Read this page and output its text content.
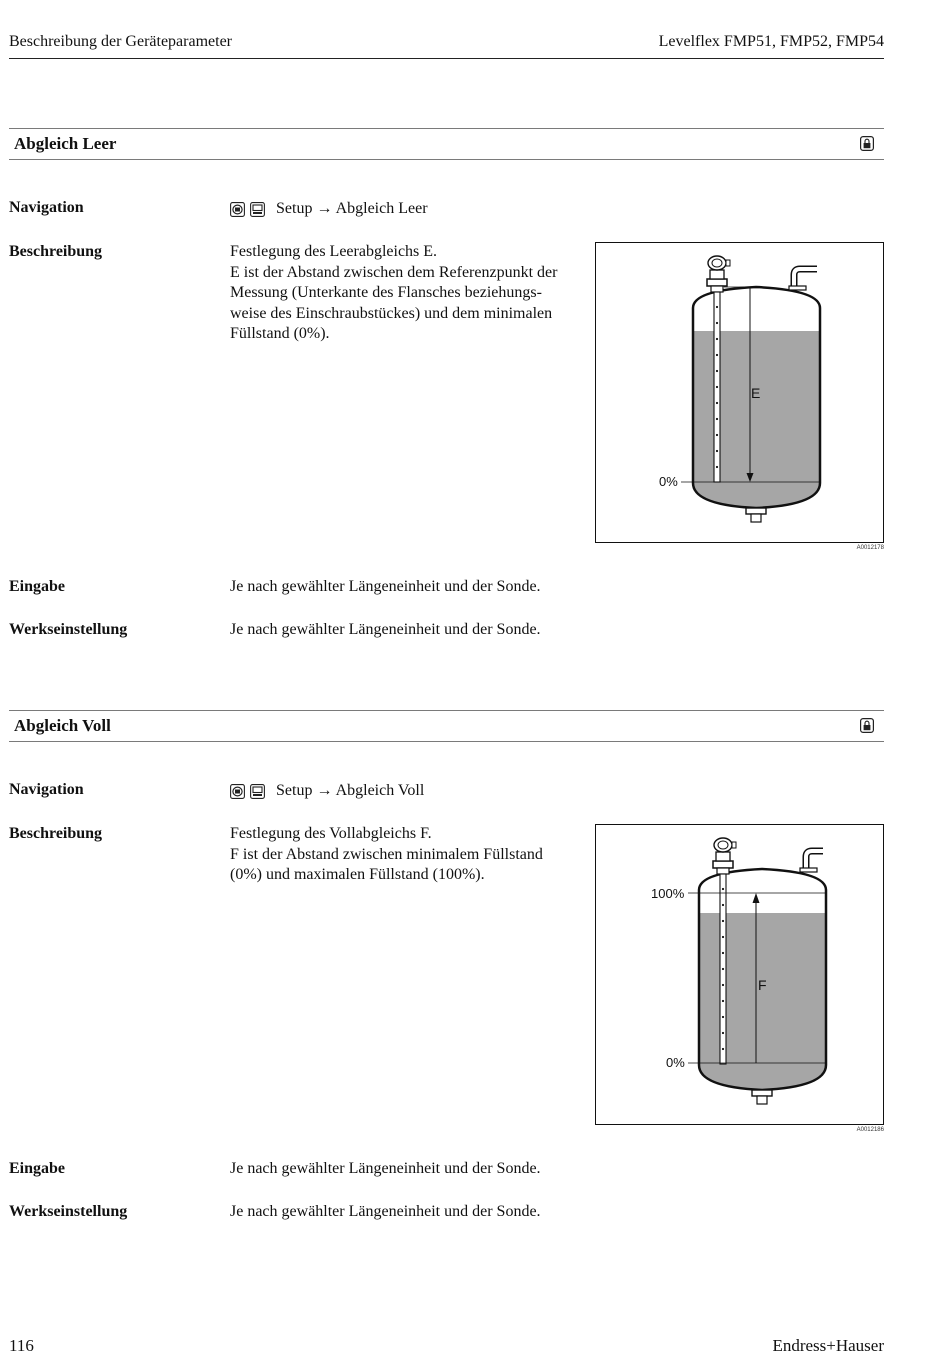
Beschreibung der Geräteparameter	Levelflex FMP51, FMP52, FMP54
Abgleich Leer
Navigation	Setup → Abgleich Leer
Beschreibung	Festlegung des Leerabgleichs E.
E ist der Abstand zwischen dem Referenzpunkt der
Messung (Unterkante des Flansches beziehungs-
weise des Einschraubstückes) und dem minimalen
Füllstand (0%).
0%
E
A0012178
Eingabe	Je nach gewählter Längeneinheit und der Sonde.
Werkseinstellung	Je nach gewählter Längeneinheit und der Sonde.
Abgleich Voll
Navigation	Setup → Abgleich Voll
Beschreibung	Festlegung des Vollabgleichs F.
F ist der Abstand zwischen minimalem Füllstand
(0%) und maximalen Füllstand (100%).
100%
0%
F
A0012186
Eingabe	Je nach gewählter Längeneinheit und der Sonde.
Werkseinstellung	Je nach gewählter Längeneinheit und der Sonde.
116	Endress+Hauser
